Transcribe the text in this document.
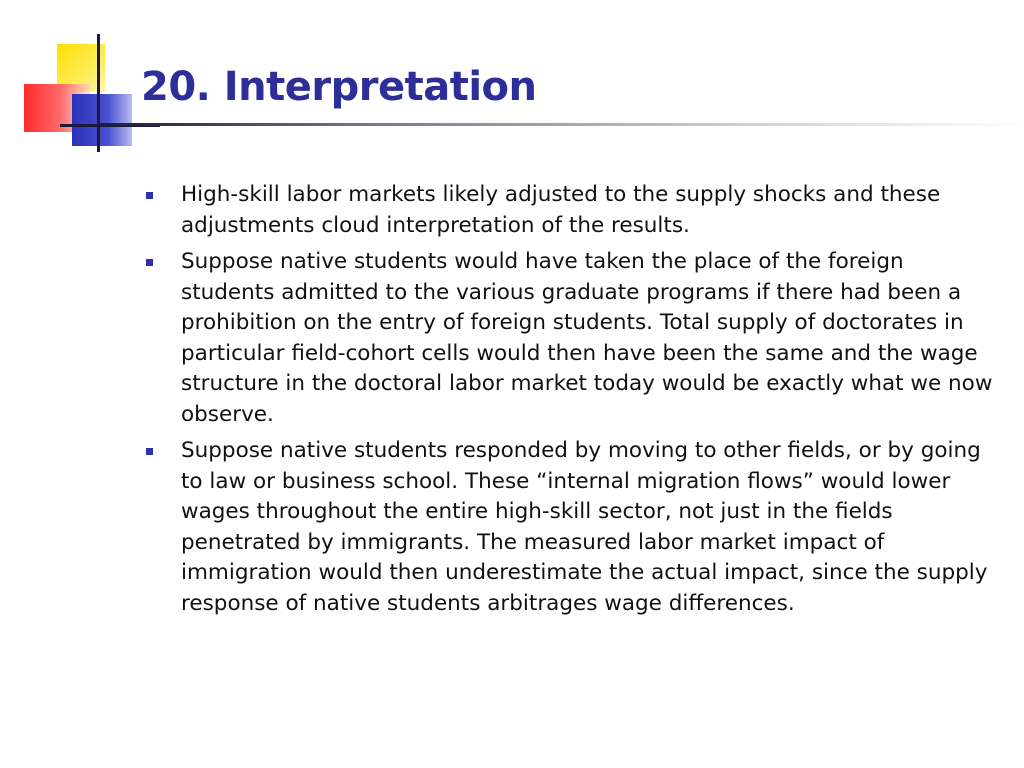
20. Interpretation
High-skill labor markets likely adjusted to the supply shocks and these adjustments cloud interpretation of the results.
Suppose native students would have taken the place of the foreign students admitted to the various graduate programs if there had been a prohibition on the entry of foreign students. Total supply of doctorates in particular field-cohort cells would then have been the same and the wage structure in the doctoral labor market today would be exactly what we now observe.
Suppose native students responded by moving to other fields, or by going to law or business school. These “internal migration flows” would lower wages throughout the entire high-skill sector, not just in the fields penetrated by immigrants. The measured labor market impact of immigration would then underestimate the actual impact, since the supply response of native students arbitrages wage differences.
